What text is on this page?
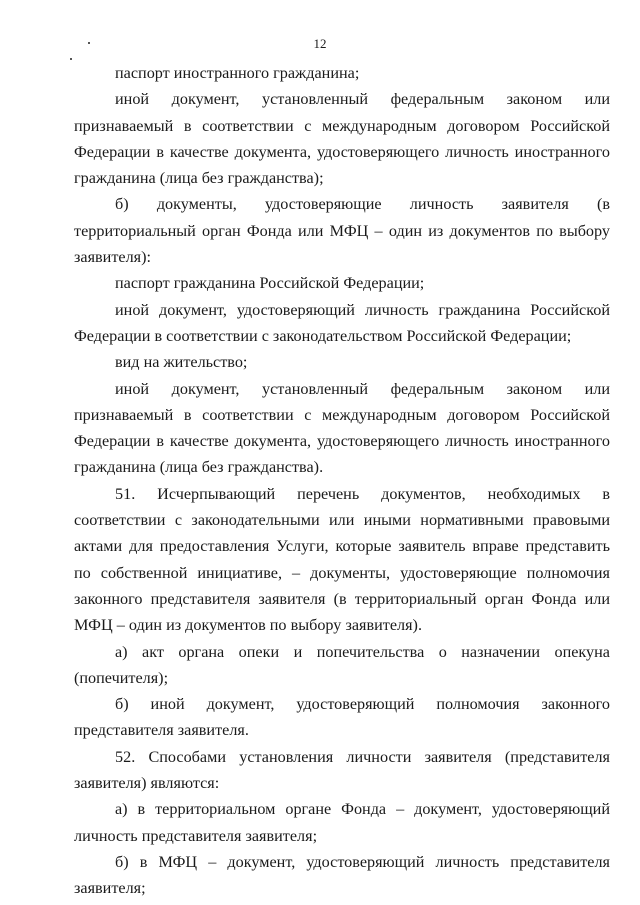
12

паспорт иностранного гражданина;

иной документ, установленный федеральным законом или признаваемый в соответствии с международным договором Российской Федерации в качестве документа, удостоверяющего личность иностранного гражданина (лица без гражданства);

б) документы, удостоверяющие личность заявителя (в территориальный орган Фонда или МФЦ – один из документов по выбору заявителя):

паспорт гражданина Российской Федерации;

иной документ, удостоверяющий личность гражданина Российской Федерации в соответствии с законодательством Российской Федерации;

вид на жительство;

иной документ, установленный федеральным законом или признаваемый в соответствии с международным договором Российской Федерации в качестве документа, удостоверяющего личность иностранного гражданина (лица без гражданства).

51. Исчерпывающий перечень документов, необходимых в соответствии с законодательными или иными нормативными правовыми актами для предоставления Услуги, которые заявитель вправе представить по собственной инициативе, – документы, удостоверяющие полномочия законного представителя заявителя (в территориальный орган Фонда или МФЦ – один из документов по выбору заявителя).

а) акт органа опеки и попечительства о назначении опекуна (попечителя);

б) иной документ, удостоверяющий полномочия законного представителя заявителя.

52. Способами установления личности заявителя (представителя заявителя) являются:

а) в территориальном органе Фонда – документ, удостоверяющий личность представителя заявителя;

б) в МФЦ – документ, удостоверяющий личность представителя заявителя;
